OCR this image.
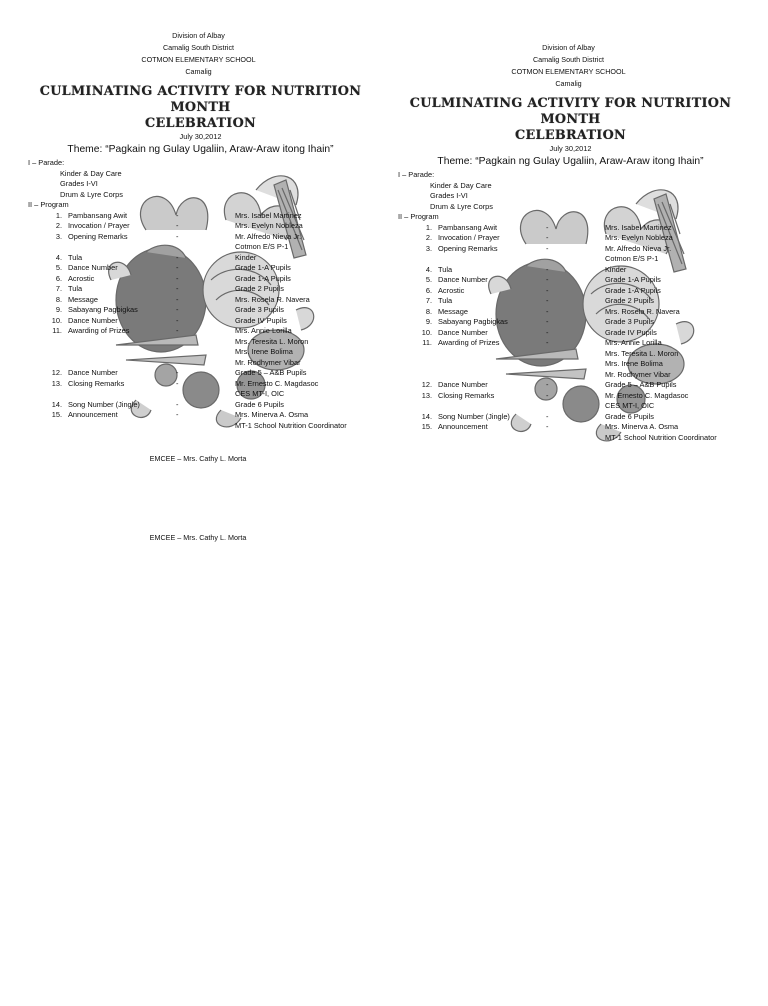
Division of Albay
Camalig South District
COTMON ELEMENTARY SCHOOL
Camalig
CULMINATING ACTIVITY FOR NUTRITION MONTH
CELEBRATION
July 30,2012
Theme: “Pagkain ng Gulay Ugaliin, Araw-Araw itong Ihain”
I – Parade:
Kinder & Day Care
Grades I-VI
Drum & Lyre Corps
II – Program
1. Pambansang Awit	-	Mrs. Isabel Martinez
2. Invocation / Prayer	-	Mrs. Evelyn Nobleza
3. Opening Remarks	-	Mr. Alfredo Nieva Jr.
Cotmon E/S P-1
4. Tula	-	Kinder
5. Dance Number	-	Grade 1-A Pupils
6. Acrostic	-	Grade 1-A Pupils
7. Tula	-	Grade 2 Pupils
8. Message	-	Mrs. Rosela R. Navera
9. Sabayang Pagbigkas	-	Grade 3 Pupils
10. Dance Number	-	Grade IV Pupils
11. Awarding of Prizes	-	Mrs. Annie Lorilla
Mrs. Teresita L. Moron
Mrs. Irene Bolima
Mr. Rodhymer Vibar
12. Dance Number	-	Grade 5 – A&B Pupils
13. Closing Remarks	-	Mr. Ernesto C. Magdasoc
CES MT-I, OIC
14. Song Number (Jingle)	-	Grade 6 Pupils
15. Announcement	-	Mrs. Minerva A. Osma
MT-1 School Nutrition Coordinator
EMCEE – Mrs. Cathy L. Morta
EMCEE – Mrs. Cathy L. Morta
Division of Albay
Camalig South District
COTMON ELEMENTARY SCHOOL
Camalig
CULMINATING ACTIVITY FOR NUTRITION MONTH
CELEBRATION
July 30,2012
Theme: “Pagkain ng Gulay Ugaliin, Araw-Araw itong Ihain”
I – Parade:
Kinder & Day Care
Grades I-VI
Drum & Lyre Corps
II – Program
1. Pambansang Awit	-	Mrs. Isabel Martinez
2. Invocation / Prayer	-	Mrs. Evelyn Nobleza
3. Opening Remarks	-	Mr. Alfredo Nieva Jr.
Cotmon E/S P-1
4. Tula	-	Kinder
5. Dance Number	-	Grade 1-A Pupils
6. Acrostic	-	Grade 1-A Pupils
7. Tula	-	Grade 2 Pupils
8. Message	-	Mrs. Rosela R. Navera
9. Sabayang Pagbigkas	-	Grade 3 Pupils
10. Dance Number	-	Grade IV Pupils
11. Awarding of Prizes	-	Mrs. Annie Lorilla
Mrs. Teresita L. Moron
Mrs. Irene Bolima
Mr. Rodhymer Vibar
12. Dance Number	-	Grade 5 – A&B Pupils
13. Closing Remarks	-	Mr. Ernesto C. Magdasoc
CES MT-I, OIC
14. Song Number (Jingle)	-	Grade 6 Pupils
15. Announcement	-	Mrs. Minerva A. Osma
MT-1 School Nutrition Coordinator
